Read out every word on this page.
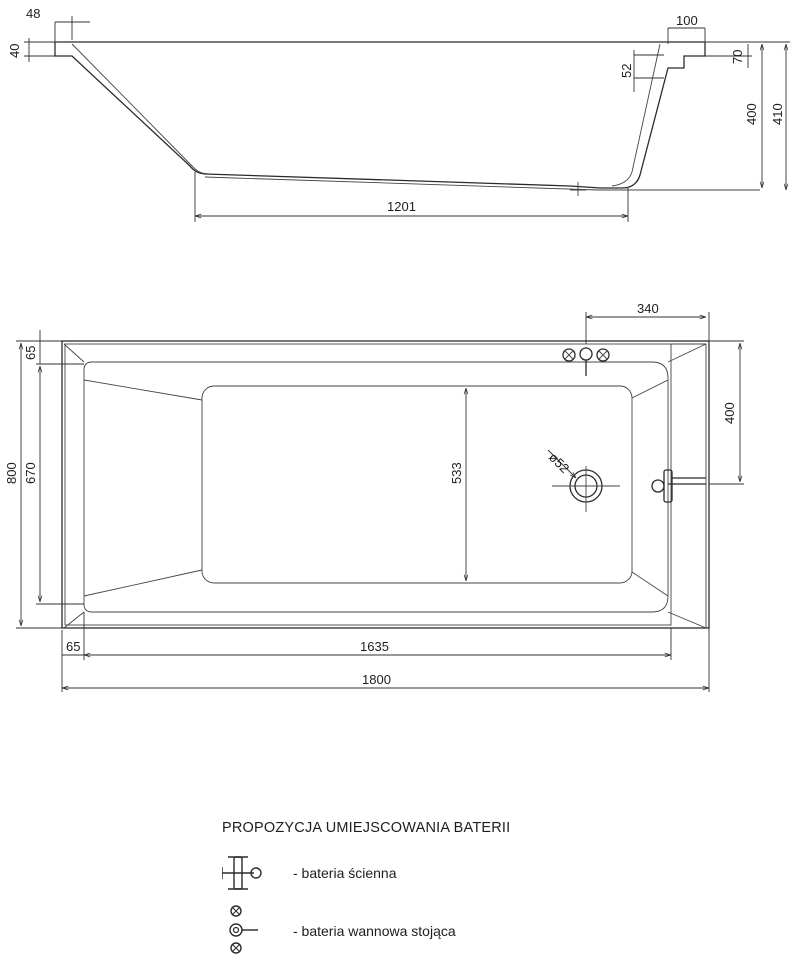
48
40
100
52
70
400 410
1201
ø52
340
400
533
800 670
65
65	1635
1800
PROPOZYCJA UMIEJSCOWANIA BATERII
- bateria ścienna
- bateria wannowa stojąca
